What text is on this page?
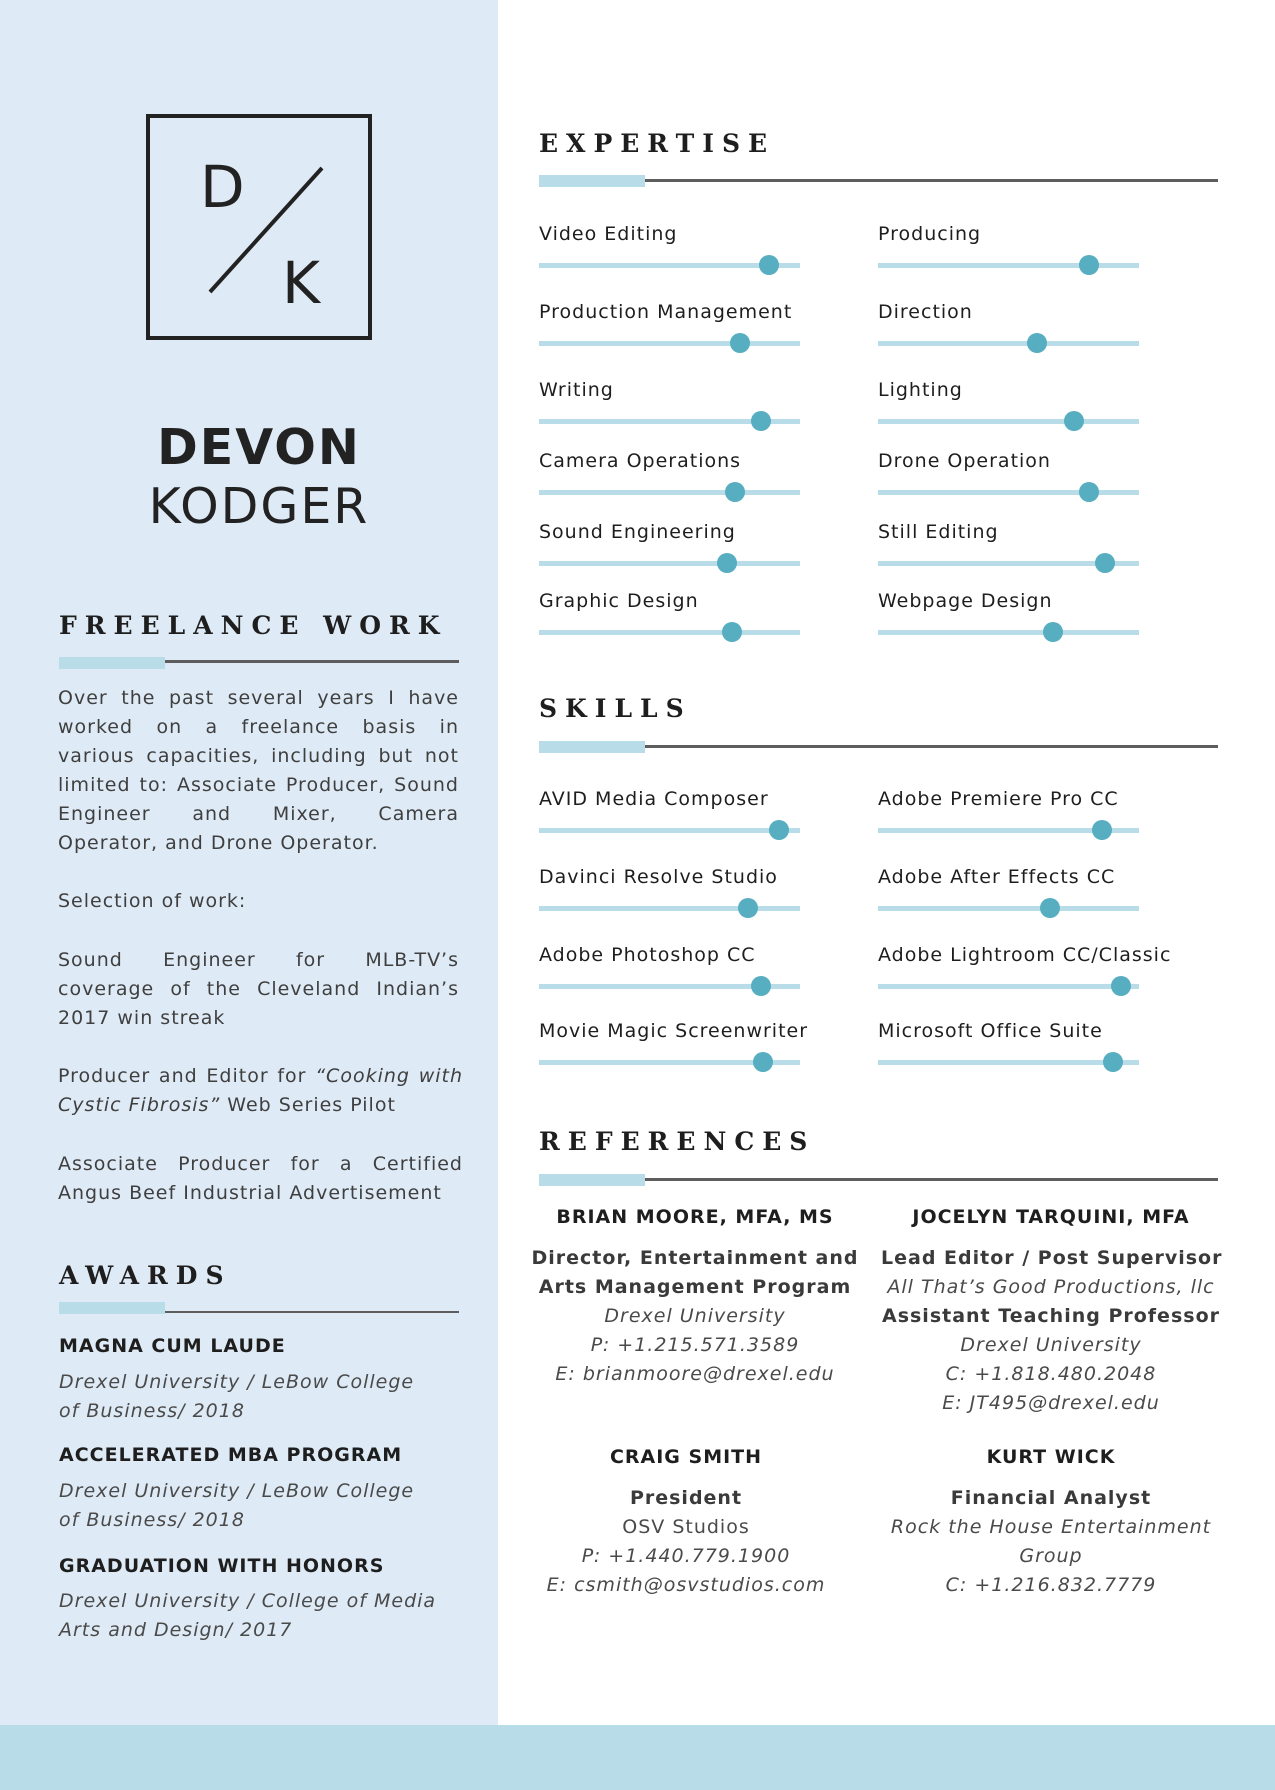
D
K
DEVON
KODGER
FREELANCE WORK
Over the past several years I have worked on a freelance basis in various capacities, including but not limited to: Associate Producer, Sound Engineer and Mixer, Camera Operator, and Drone Operator.
Selection of work:
Sound Engineer for MLB-TV’s coverage of the Cleveland Indian’s 2017 win streak
Producer and Editor for “Cooking with Cystic Fibrosis” Web Series Pilot
Associate Producer for a Certified Angus Beef Industrial Advertisement
AWARDS
MAGNA CUM LAUDE
Drexel University / LeBow College
of Business/ 2018
ACCELERATED MBA PROGRAM
Drexel University / LeBow College
of Business/ 2018
GRADUATION WITH HONORS
Drexel University / College of Media
Arts and Design/ 2017
EXPERTISE
Video Editing	Producing
Production Management	Direction
Writing	Lighting
Camera Operations	Drone Operation
Sound Engineering	Still Editing
Graphic Design	Webpage Design
SKILLS
AVID Media Composer	Adobe Premiere Pro CC
Davinci Resolve Studio	Adobe After Effects CC
Adobe Photoshop CC	Adobe Lightroom CC/Classic
Movie Magic Screenwriter	Microsoft Office Suite
REFERENCES
BRIAN MOORE, MFA, MS
Director, Entertainment and
Arts Management Program
Drexel University
P: +1.215.571.3589
E: brianmoore@drexel.edu
JOCELYN TARQUINI, MFA
Lead Editor / Post Supervisor
All That’s Good Productions, llc
Assistant Teaching Professor
Drexel University
C: +1.818.480.2048
E: JT495@drexel.edu
CRAIG SMITH
President
OSV Studios
P: +1.440.779.1900
E: csmith@osvstudios.com
KURT WICK
Financial Analyst
Rock the House Entertainment
Group
C: +1.216.832.7779
